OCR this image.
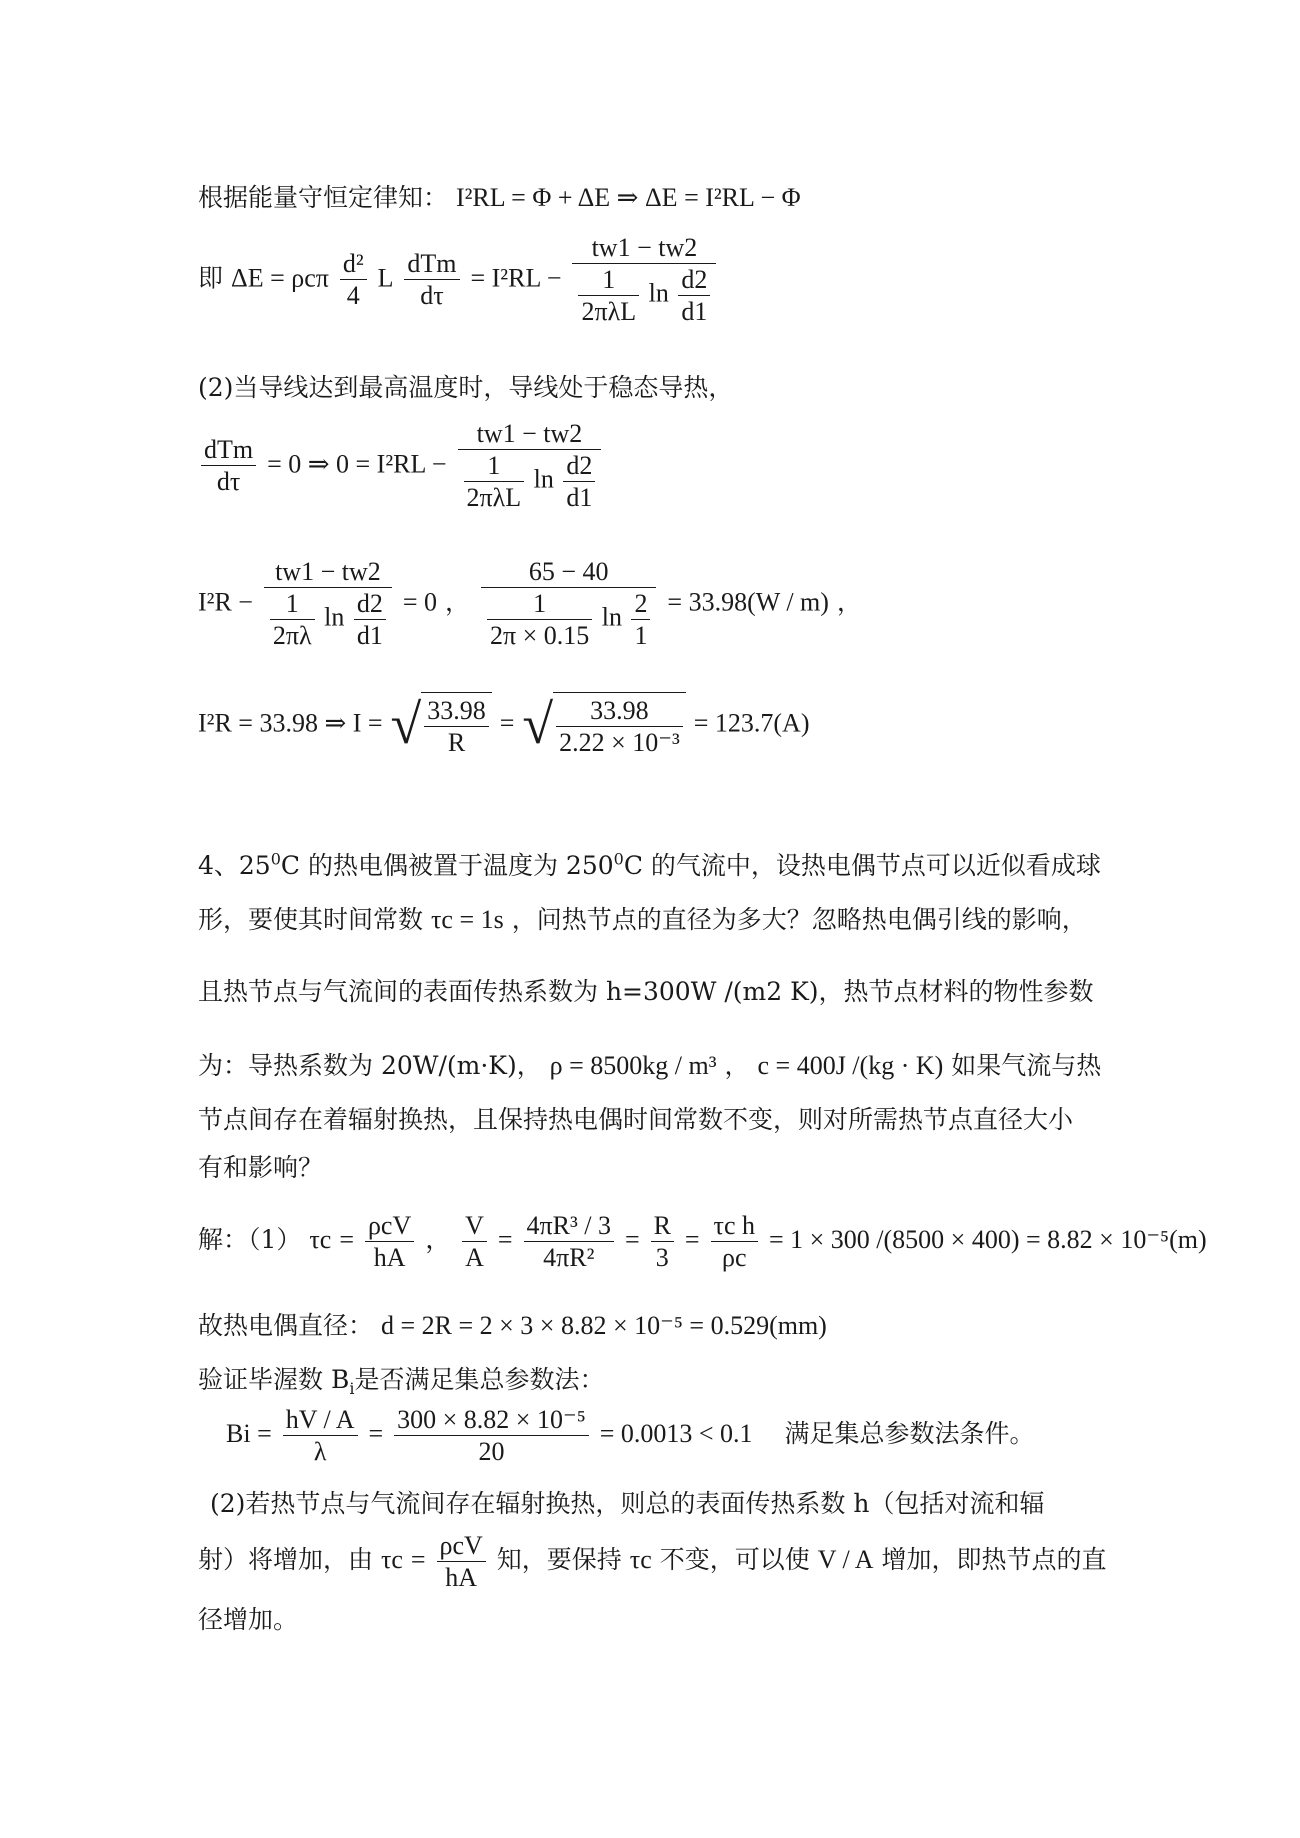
根据能量守恒定律知： I²RL = Φ + ΔE ⇒ ΔE = I²RL − Φ
即 ΔE = ρcπ $\frac{\text{d²}}{4}$ L $\frac{\text{dTm}}{d\tau} = I^2RL$ −
tw1 − tw2
$\frac{1}{\text{2πλL}}$ $\ln \frac{d2}{d1}$
(2)当导线达到最高温度时，导线处于稳态导热，
$\frac{\text{dTm}}{d\tau} = 0$ ⇒ 0 = I²RL −
tw1 − tw2
$\frac{1}{\text{2πλL}}$ $\ln \frac{d2}{d1}$
I²R −
tw1 − tw2
$\frac{1}{2\pi\lambda}$ $\ln \frac{d2}{d1} = 0$ ，
65 − 40
$\frac{1}{2\pi \times 0.15}$ $\ln \frac{2}{1} = 33.98(W / m)$ ，
I²R = 33.98 ⇒ I = √ $\frac{33.98}{R}$ = √ $\frac{33.98}{\text{2.22 × 10⁻³}} = 123.7(A)$
4、$25^0C$ 的热电偶被置于温度为 $250^0C$ 的气流中，设热电偶节点可以近似看成球
形，要使其时间常数 τc = 1s ，问热节点的直径为多大？忽略热电偶引线的影响，
且热节点与气流间的表面传热系数为 h=300W /(m2 K)，热节点材料的物性参数
为：导热系数为 20W/(m·K)， ρ = 8500kg / m³ ， c = 400J /(kg · K) 如果气流与热
节点间存在着辐射换热，且保持热电偶时间常数不变，则对所需热节点直径大小
有和影响？
解：（1） $\tau c = \frac{\text{ρcV}}{hA}$ ， $\frac{V}{A} = \frac{\text{4πR³ / 3}}{\text{4πR²}} = \frac{R}{3} = \frac{\text{τc h}}{\rho c} = 1 \times 300$ /(8500 × 400) = 8.82 × 10⁻⁵(m)
故热电偶直径： d = 2R = 2 × 3 × 8.82 × 10⁻⁵ = 0.529(mm)
验证毕渥数 $B_i$是否满足集总参数法：
$Bi = \frac{hV / A}{\lambda} = \frac{\text{300 × 8.82 × 10⁻⁵}}{20} = 0.0013 < 0.1$ 满足集总参数法条件。
(2)若热节点与气流间存在辐射换热，则总的表面传热系数 h（包括对流和辐
射）将增加，由 $\tau c = \frac{\text{ρcV}}{hA}$ 知，要保持 τc 不变，可以使 V / A 增加，即热节点的直
径增加。
